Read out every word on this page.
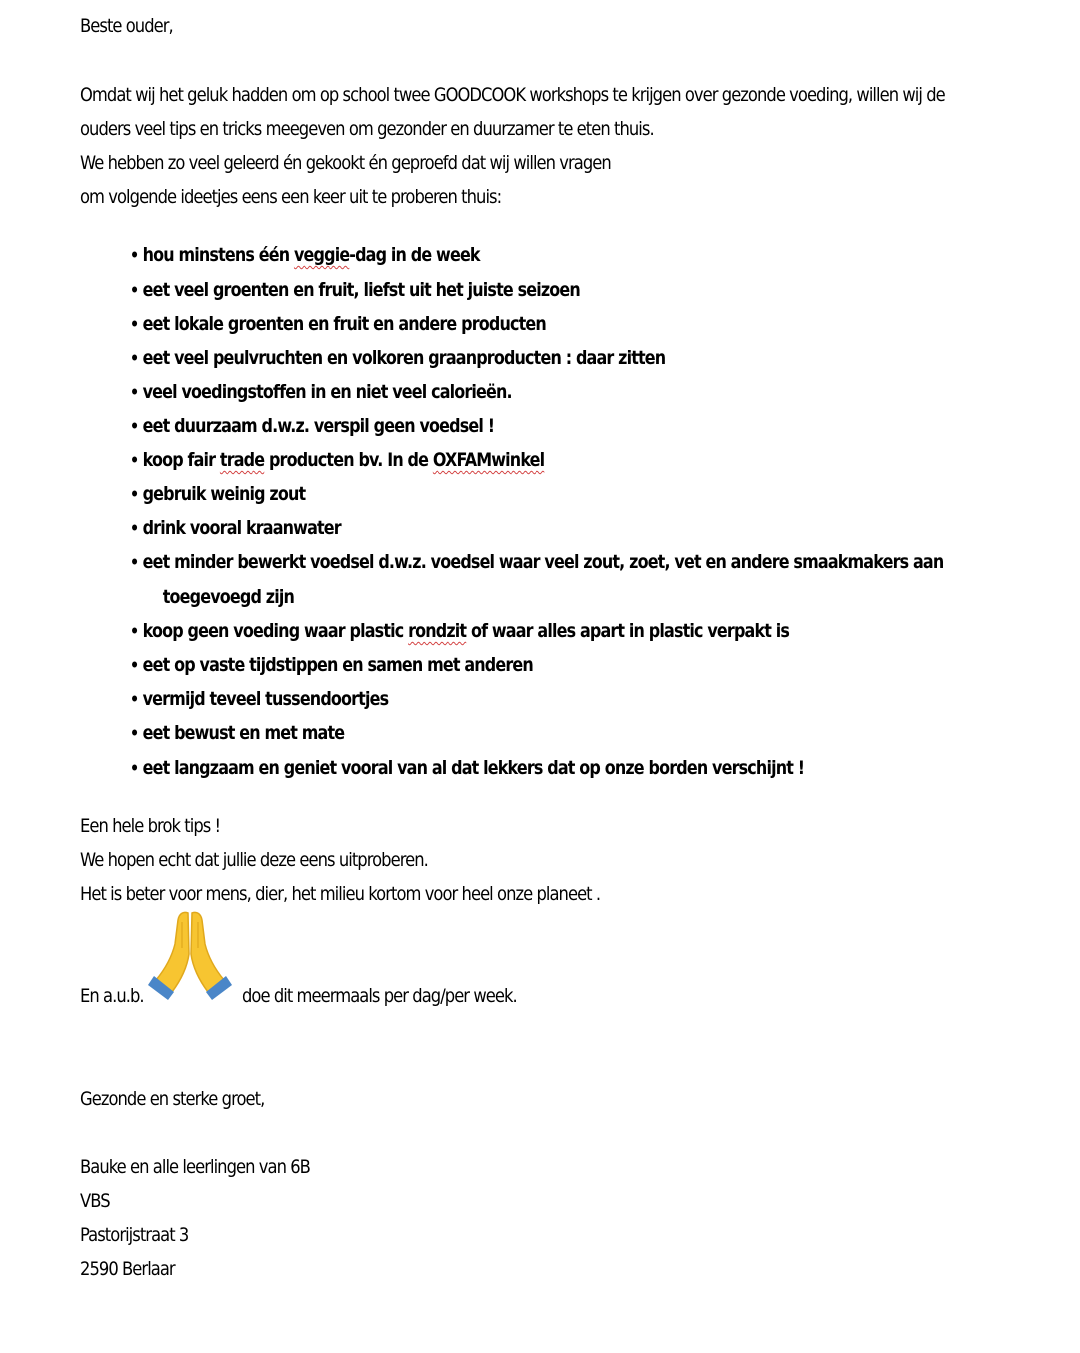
Beste ouder,
Omdat wij het geluk hadden om op school twee GOODCOOK workshops te krijgen over gezonde voeding, willen wij de
ouders veel tips en tricks meegeven om gezonder en duurzamer te eten thuis.
We hebben zo veel geleerd én gekookt én geproefd dat wij willen vragen
om volgende ideetjes eens een keer uit te proberen thuis:
• hou minstens één veggie-dag in de week
• eet veel groenten en fruit, liefst uit het juiste seizoen
• eet lokale groenten en fruit en andere producten
• eet veel peulvruchten en volkoren graanproducten : daar zitten
• veel voedingstoffen in en niet veel calorieën.
• eet duurzaam d.w.z. verspil geen voedsel !
• koop fair trade producten bv. In de OXFAMwinkel
• gebruik weinig zout
• drink vooral kraanwater
• eet minder bewerkt voedsel d.w.z. voedsel waar veel zout, zoet, vet en andere smaakmakers aan
toegevoegd zijn
• koop geen voeding waar plastic rondzit of waar alles apart in plastic verpakt is
• eet op vaste tijdstippen en samen met anderen
• vermijd teveel tussendoortjes
• eet bewust en met mate
• eet langzaam en geniet vooral van al dat lekkers dat op onze borden verschijnt !
Een hele brok tips !
We hopen echt dat jullie deze eens uitproberen.
Het is beter voor mens, dier, het milieu kortom voor heel onze planeet .
En a.u.b.	doe dit meermaals per dag/per week.
Gezonde en sterke groet,
Bauke en alle leerlingen van 6B
VBS
Pastorijstraat 3
2590 Berlaar
